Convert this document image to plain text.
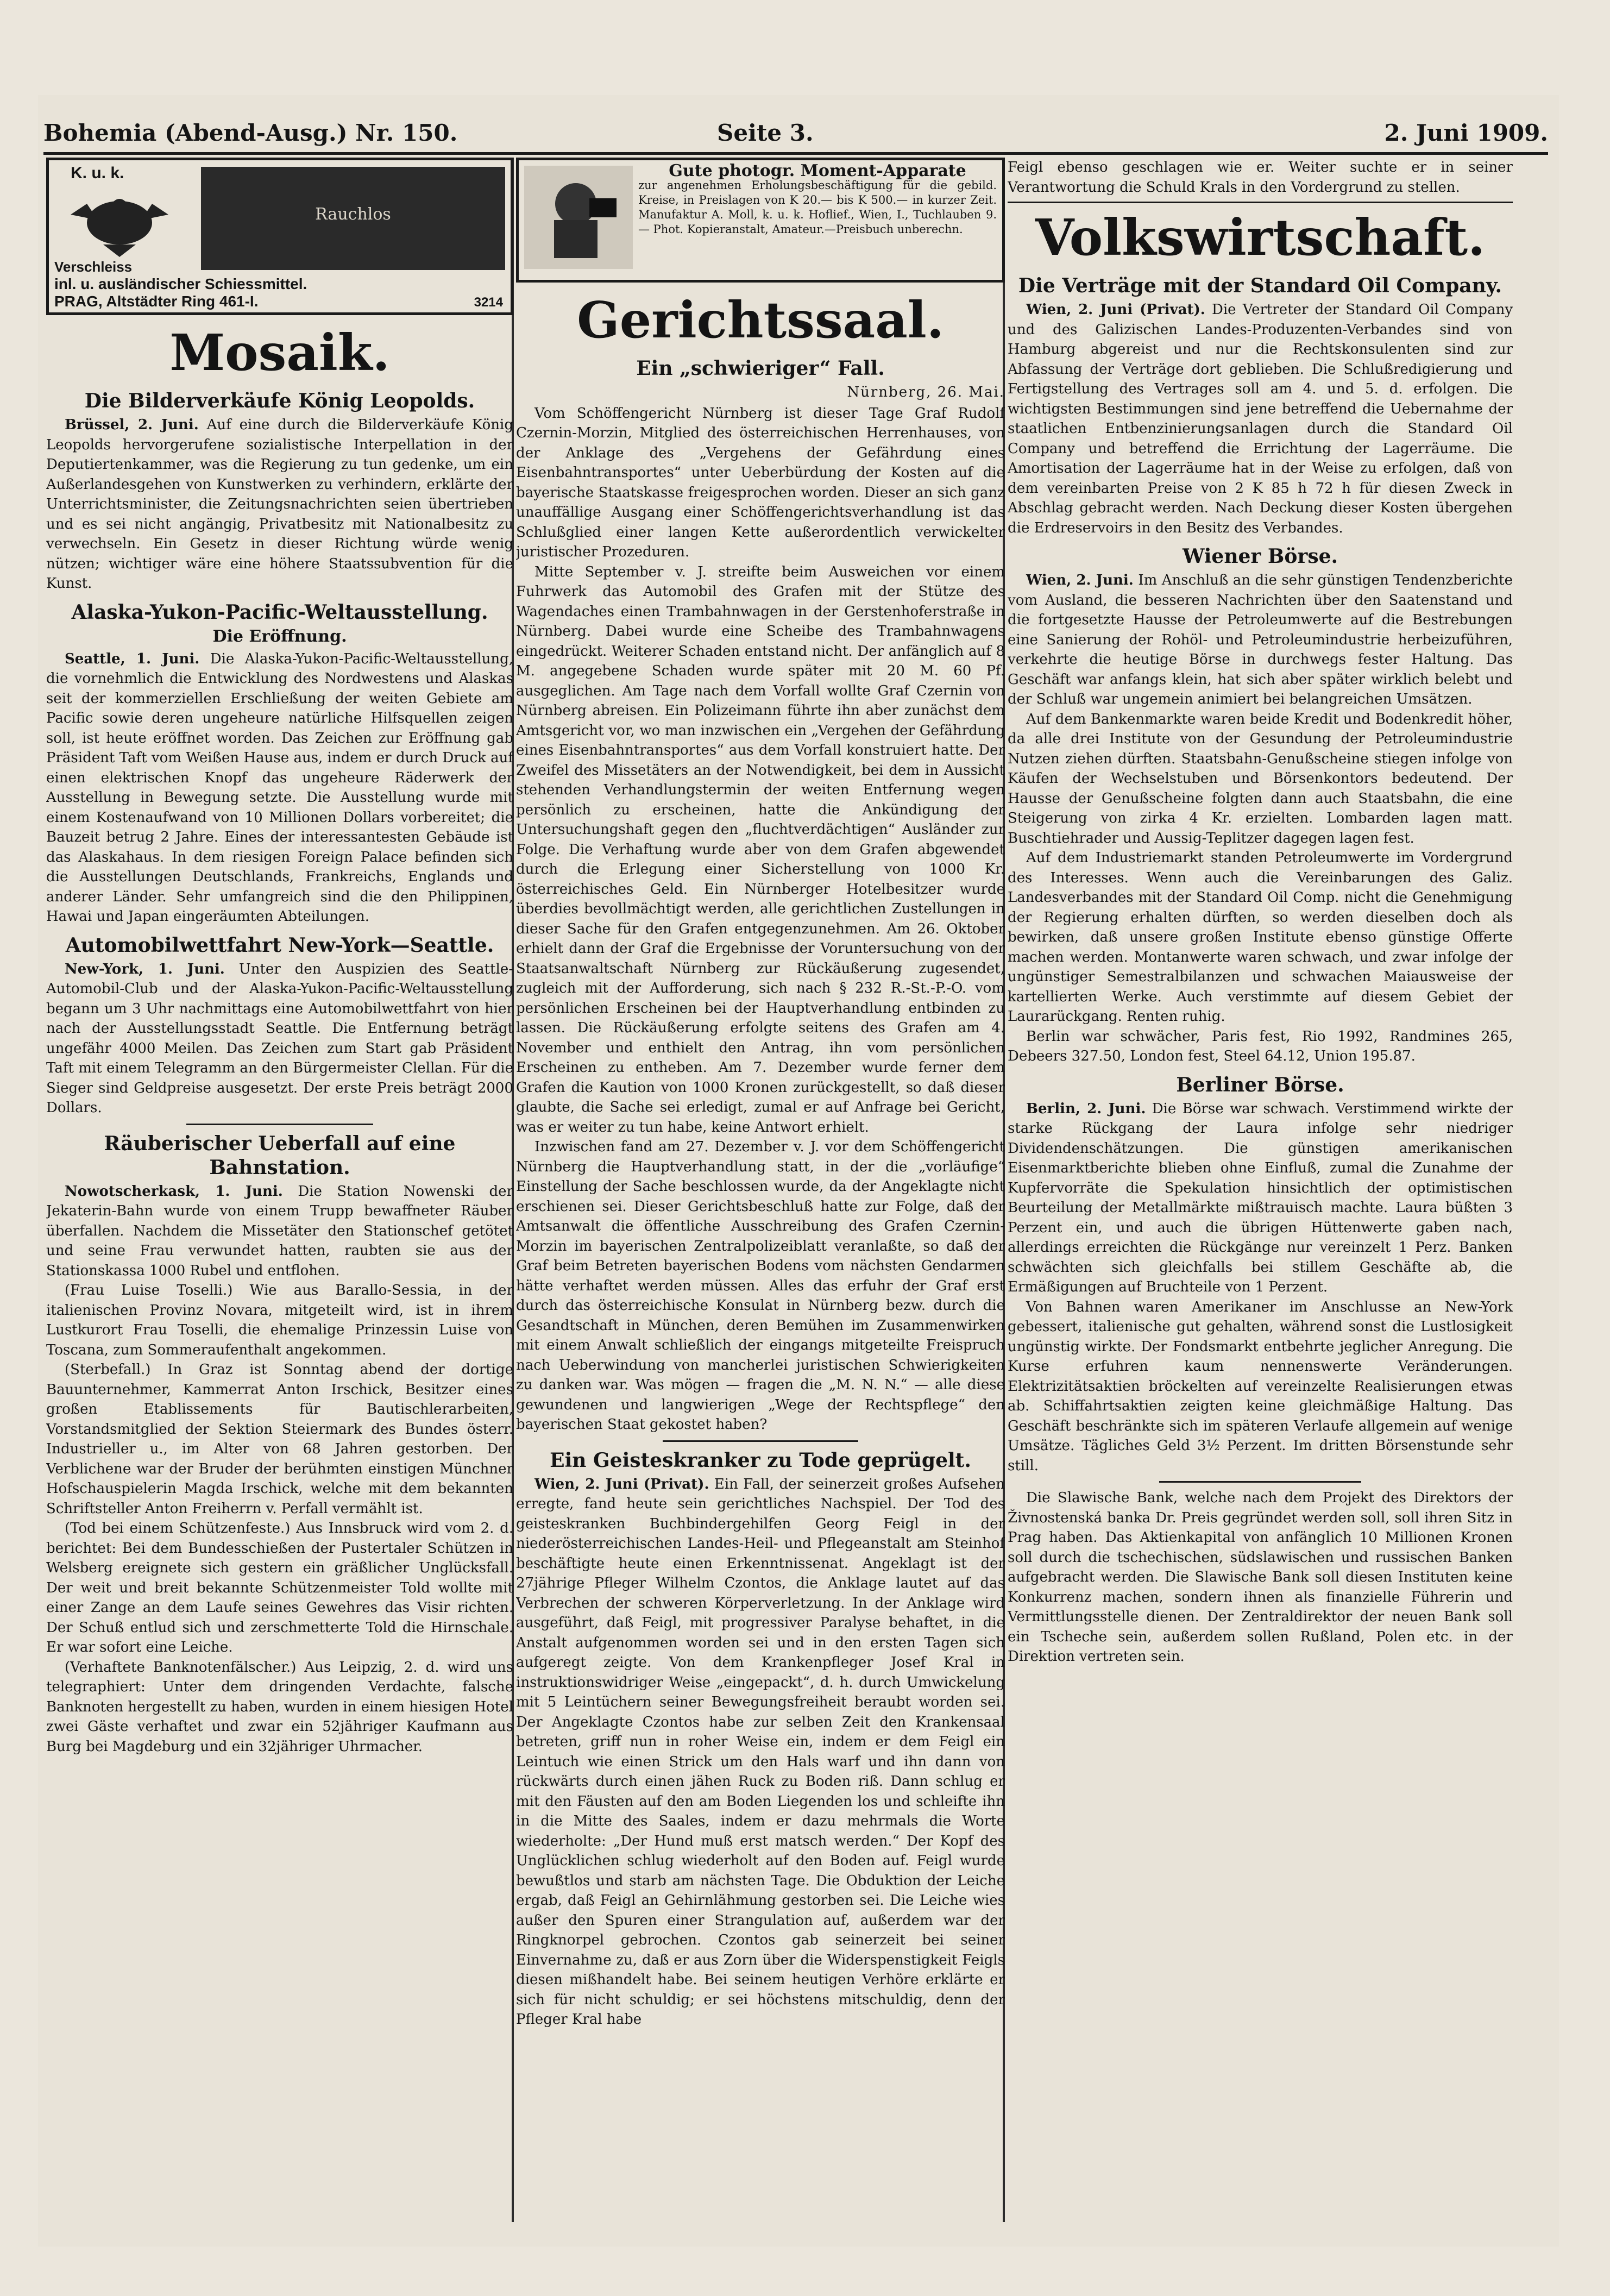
Bohemia (Abend-Ausg.) Nr. 150.	Seite 3.	2. Juni 1909.
K. u. k.
Rauchlos
Verschleiss
inl. u. ausländischer Schiessmittel.
PRAG, Altstädter Ring 461-I.	3214
Mosaik.
Die Bilderverkäufe König Leopolds.

Brüssel, 2. Juni. Auf eine durch die Bilderverkäufe König Leopolds hervorgerufene sozialistische Interpellation in der Deputiertenkammer, was die Regierung zu tun gedenke, um ein Außerlandesgehen von Kunstwerken zu verhindern, erklärte der Unterrichtsminister, die Zeitungsnachrichten seien übertrieben und es sei nicht angängig, Privatbesitz mit Nationalbesitz zu verwechseln. Ein Gesetz in dieser Richtung würde wenig nützen; wichtiger wäre eine höhere Staatssubvention für die Kunst.

Alaska-Yukon-Pacific-Weltausstellung.
Die Eröffnung.

Seattle, 1. Juni. Die Alaska-Yukon-Pacific-Weltausstellung, die vornehmlich die Entwicklung des Nordwestens und Alaskas seit der kommerziellen Erschließung der weiten Gebiete am Pacific sowie deren ungeheure natürliche Hilfsquellen zeigen soll, ist heute eröffnet worden. Das Zeichen zur Eröffnung gab Präsident Taft vom Weißen Hause aus, indem er durch Druck auf einen elektrischen Knopf das ungeheure Räderwerk der Ausstellung in Bewegung setzte. Die Ausstellung wurde mit einem Kostenaufwand von 10 Millionen Dollars vorbereitet; die Bauzeit betrug 2 Jahre. Eines der interessantesten Gebäude ist das Alaskahaus. In dem riesigen Foreign Palace befinden sich die Ausstellungen Deutschlands, Frankreichs, Englands und anderer Länder. Sehr umfangreich sind die den Philippinen, Hawai und Japan eingeräumten Abteilungen.

Automobilwettfahrt New-York—Seattle.

New-York, 1. Juni. Unter den Auspizien des Seattle-Automobil-Club und der Alaska-Yukon-Pacific-Weltausstellung begann um 3 Uhr nachmittags eine Automobilwettfahrt von hier nach der Ausstellungsstadt Seattle. Die Entfernung beträgt ungefähr 4000 Meilen. Das Zeichen zum Start gab Präsident Taft mit einem Telegramm an den Bürgermeister Clellan. Für die Sieger sind Geldpreise ausgesetzt. Der erste Preis beträgt 2000 Dollars.

Räuberischer Ueberfall auf eine Bahnstation.

Nowotscherkask, 1. Juni. Die Station Nowenski der Jekaterin-Bahn wurde von einem Trupp bewaffneter Räuber überfallen. Nachdem die Missetäter den Stationschef getötet und seine Frau verwundet hatten, raubten sie aus der Stationskassa 1000 Rubel und entflohen.

(Frau Luise Toselli.) Wie aus Barallo-Sessia, in der italienischen Provinz Novara, mitgeteilt wird, ist in ihrem Lustkurort Frau Toselli, die ehemalige Prinzessin Luise von Toscana, zum Sommeraufenthalt angekommen.

(Sterbefall.) In Graz ist Sonntag abend der dortige Bauunternehmer, Kammerrat Anton Irschick, Besitzer eines großen Etablissements für Bautischlerarbeiten, Vorstandsmitglied der Sektion Steiermark des Bundes österr. Industrieller u., im Alter von 68 Jahren gestorben. Der Verblichene war der Bruder der berühmten einstigen Münchner Hofschauspielerin Magda Irschick, welche mit dem bekannten Schriftsteller Anton Freiherrn v. Perfall vermählt ist.

(Tod bei einem Schützenfeste.) Aus Innsbruck wird vom 2. d. berichtet: Bei dem Bundesschießen der Pustertaler Schützen in Welsberg ereignete sich gestern ein gräßlicher Unglücksfall. Der weit und breit bekannte Schützenmeister Told wollte mit einer Zange an dem Laufe seines Gewehres das Visir richten. Der Schuß entlud sich und zerschmetterte Told die Hirnschale. Er war sofort eine Leiche.

(Verhaftete Banknotenfälscher.) Aus Leipzig, 2. d. wird uns telegraphiert: Unter dem dringenden Verdachte, falsche Banknoten hergestellt zu haben, wurden in einem hiesigen Hotel zwei Gäste verhaftet und zwar ein 52jähriger Kaufmann aus Burg bei Magdeburg und ein 32jähriger Uhrmacher.

Gute photogr. Moment-Apparate
zur angenehmen Erholungsbeschäftigung für die gebild. Kreise, in Preislagen von K 20.— bis K 500.— in kurzer Zeit. Manufaktur A. Moll, k. u. k. Hoflief., Wien, I., Tuchlauben 9. — Phot. Kopieranstalt, Amateur.—Preisbuch unberechn.
Gerichtssaal.
Ein „schwieriger“ Fall.
Nürnberg, 26. Mai.

Vom Schöffengericht Nürnberg ist dieser Tage Graf Rudolf Czernin-Morzin, Mitglied des österreichischen Herrenhauses, von der Anklage des „Vergehens der Gefährdung eines Eisenbahntransportes“ unter Ueberbürdung der Kosten auf die bayerische Staatskasse freigesprochen worden. Dieser an sich ganz unauffällige Ausgang einer Schöffengerichtsverhandlung ist das Schlußglied einer langen Kette außerordentlich verwickelter juristischer Prozeduren.

Mitte September v. J. streifte beim Ausweichen vor einem Fuhrwerk das Automobil des Grafen mit der Stütze des Wagendaches einen Trambahnwagen in der Gerstenhoferstraße in Nürnberg. Dabei wurde eine Scheibe des Trambahnwagens eingedrückt. Weiterer Schaden entstand nicht. Der anfänglich auf 8 M. angegebene Schaden wurde später mit 20 M. 60 Pf. ausgeglichen. Am Tage nach dem Vorfall wollte Graf Czernin von Nürnberg abreisen. Ein Polizeimann führte ihn aber zunächst dem Amtsgericht vor, wo man inzwischen ein „Vergehen der Gefährdung eines Eisenbahntransportes“ aus dem Vorfall konstruiert hatte. Der Zweifel des Missetäters an der Notwendigkeit, bei dem in Aussicht stehenden Verhandlungstermin der weiten Entfernung wegen persönlich zu erscheinen, hatte die Ankündigung der Untersuchungshaft gegen den „fluchtverdächtigen“ Ausländer zur Folge. Die Verhaftung wurde aber von dem Grafen abgewendet durch die Erlegung einer Sicherstellung von 1000 Kr. österreichisches Geld. Ein Nürnberger Hotelbesitzer wurde überdies bevollmächtigt werden, alle gerichtlichen Zustellungen in dieser Sache für den Grafen entgegenzunehmen. Am 26. Oktober erhielt dann der Graf die Ergebnisse der Voruntersuchung von der Staatsanwaltschaft Nürnberg zur Rückäußerung zugesendet, zugleich mit der Aufforderung, sich nach § 232 R.-St.-P.-O. vom persönlichen Erscheinen bei der Hauptverhandlung entbinden zu lassen. Die Rückäußerung erfolgte seitens des Grafen am 4. November und enthielt den Antrag, ihn vom persönlichen Erscheinen zu entheben. Am 7. Dezember wurde ferner dem Grafen die Kaution von 1000 Kronen zurückgestellt, so daß dieser glaubte, die Sache sei erledigt, zumal er auf Anfrage bei Gericht, was er weiter zu tun habe, keine Antwort erhielt.

Inzwischen fand am 27. Dezember v. J. vor dem Schöffengericht Nürnberg die Hauptverhandlung statt, in der die „vorläufige“ Einstellung der Sache beschlossen wurde, da der Angeklagte nicht erschienen sei. Dieser Gerichtsbeschluß hatte zur Folge, daß der Amtsanwalt die öffentliche Ausschreibung des Grafen Czernin-Morzin im bayerischen Zentralpolizeiblatt veranlaßte, so daß der Graf beim Betreten bayerischen Bodens vom nächsten Gendarmen hätte verhaftet werden müssen. Alles das erfuhr der Graf erst durch das österreichische Konsulat in Nürnberg bezw. durch die Gesandtschaft in München, deren Bemühen im Zusammenwirken mit einem Anwalt schließlich der eingangs mitgeteilte Freispruch nach Ueberwindung von mancherlei juristischen Schwierigkeiten zu danken war. Was mögen — fragen die „M. N. N.“ — alle diese gewundenen und langwierigen „Wege der Rechtspflege“ den bayerischen Staat gekostet haben?

Ein Geisteskranker zu Tode geprügelt.

Wien, 2. Juni (Privat). Ein Fall, der seinerzeit großes Aufsehen erregte, fand heute sein gerichtliches Nachspiel. Der Tod des geisteskranken Buchbindergehilfen Georg Feigl in der niederösterreichischen Landes-Heil- und Pflegeanstalt am Steinhof beschäftigte heute einen Erkenntnissenat. Angeklagt ist der 27jährige Pfleger Wilhelm Czontos, die Anklage lautet auf das Verbrechen der schweren Körperverletzung. In der Anklage wird ausgeführt, daß Feigl, mit progressiver Paralyse behaftet, in die Anstalt aufgenommen worden sei und in den ersten Tagen sich aufgeregt zeigte. Von dem Krankenpfleger Josef Kral in instruktionswidriger Weise „eingepackt“, d. h. durch Umwickelung mit 5 Leintüchern seiner Bewegungsfreiheit beraubt worden sei. Der Angeklagte Czontos habe zur selben Zeit den Krankensaal betreten, griff nun in roher Weise ein, indem er dem Feigl ein Leintuch wie einen Strick um den Hals warf und ihn dann von rückwärts durch einen jähen Ruck zu Boden riß. Dann schlug er mit den Fäusten auf den am Boden Liegenden los und schleifte ihn in die Mitte des Saales, indem er dazu mehrmals die Worte wiederholte: „Der Hund muß erst matsch werden.“ Der Kopf des Unglücklichen schlug wiederholt auf den Boden auf. Feigl wurde bewußtlos und starb am nächsten Tage. Die Obduktion der Leiche ergab, daß Feigl an Gehirnlähmung gestorben sei. Die Leiche wies außer den Spuren einer Strangulation auf, außerdem war der Ringknorpel gebrochen. Czontos gab seinerzeit bei seiner Einvernahme zu, daß er aus Zorn über die Widerspenstigkeit Feigls diesen mißhandelt habe. Bei seinem heutigen Verhöre erklärte er sich für nicht schuldig; er sei höchstens mitschuldig, denn der Pfleger Kral habe

Feigl ebenso geschlagen wie er. Weiter suchte er in seiner Verantwortung die Schuld Krals in den Vordergrund zu stellen.

Volkswirtschaft.
Die Verträge mit der Standard Oil Company.

Wien, 2. Juni (Privat). Die Vertreter der Standard Oil Company und des Galizischen Landes-Produzenten-Verbandes sind von Hamburg abgereist und nur die Rechtskonsulenten sind zur Abfassung der Verträge dort geblieben. Die Schlußredigierung und Fertigstellung des Vertrages soll am 4. und 5. d. erfolgen. Die wichtigsten Bestimmungen sind jene betreffend die Uebernahme der staatlichen Entbenzinierungsanlagen durch die Standard Oil Company und betreffend die Errichtung der Lagerräume. Die Amortisation der Lagerräume hat in der Weise zu erfolgen, daß von dem vereinbarten Preise von 2 K 85 h 72 h für diesen Zweck in Abschlag gebracht werden. Nach Deckung dieser Kosten übergehen die Erdreservoirs in den Besitz des Verbandes.

Wiener Börse.

Wien, 2. Juni. Im Anschluß an die sehr günstigen Tendenzberichte vom Ausland, die besseren Nachrichten über den Saatenstand und die fortgesetzte Hausse der Petroleumwerte auf die Bestrebungen eine Sanierung der Rohöl- und Petroleumindustrie herbeizuführen, verkehrte die heutige Börse in durchwegs fester Haltung. Das Geschäft war anfangs klein, hat sich aber später wirklich belebt und der Schluß war ungemein animiert bei belangreichen Umsätzen.

Auf dem Bankenmarkte waren beide Kredit und Bodenkredit höher, da alle drei Institute von der Gesundung der Petroleumindustrie Nutzen ziehen dürften. Staatsbahn-Genußscheine stiegen infolge von Käufen der Wechselstuben und Börsenkontors bedeutend. Der Hausse der Genußscheine folgten dann auch Staatsbahn, die eine Steigerung von zirka 4 Kr. erzielten. Lombarden lagen matt. Buschtiehrader und Aussig-Teplitzer dagegen lagen fest.

Auf dem Industriemarkt standen Petroleumwerte im Vordergrund des Interesses. Wenn auch die Vereinbarungen des Galiz. Landesverbandes mit der Standard Oil Comp. nicht die Genehmigung der Regierung erhalten dürften, so werden dieselben doch als bewirken, daß unsere großen Institute ebenso günstige Offerte machen werden. Montanwerte waren schwach, und zwar infolge der ungünstiger Semestralbilanzen und schwachen Maiausweise der kartellierten Werke. Auch verstimmte auf diesem Gebiet der Laurarückgang. Renten ruhig.

Berlin war schwächer, Paris fest, Rio 1992, Randmines 265, Debeers 327.50, London fest, Steel 64.12, Union 195.87.

Berliner Börse.

Berlin, 2. Juni. Die Börse war schwach. Verstimmend wirkte der starke Rückgang der Laura infolge sehr niedriger Dividendenschätzungen. Die günstigen amerikanischen Eisenmarktberichte blieben ohne Einfluß, zumal die Zunahme der Kupfervorräte die Spekulation hinsichtlich der optimistischen Beurteilung der Metallmärkte mißtrauisch machte. Laura büßten 3 Perzent ein, und auch die übrigen Hüttenwerte gaben nach, allerdings erreichten die Rückgänge nur vereinzelt 1 Perz. Banken schwächten sich gleichfalls bei stillem Geschäfte ab, die Ermäßigungen auf Bruchteile von 1 Perzent.

Von Bahnen waren Amerikaner im Anschlusse an New-York gebessert, italienische gut gehalten, während sonst die Lustlosigkeit ungünstig wirkte. Der Fondsmarkt entbehrte jeglicher Anregung. Die Kurse erfuhren kaum nennenswerte Veränderungen. Elektrizitätsaktien bröckelten auf vereinzelte Realisierungen etwas ab. Schiffahrtsaktien zeigten keine gleichmäßige Haltung. Das Geschäft beschränkte sich im späteren Verlaufe allgemein auf wenige Umsätze. Tägliches Geld 3½ Perzent. Im dritten Börsenstunde sehr still.

Die Slawische Bank, welche nach dem Projekt des Direktors der Živnostenská banka Dr. Preis gegründet werden soll, soll ihren Sitz in Prag haben. Das Aktienkapital von anfänglich 10 Millionen Kronen soll durch die tschechischen, südslawischen und russischen Banken aufgebracht werden. Die Slawische Bank soll diesen Instituten keine Konkurrenz machen, sondern ihnen als finanzielle Führerin und Vermittlungsstelle dienen. Der Zentraldirektor der neuen Bank soll ein Tscheche sein, außerdem sollen Rußland, Polen etc. in der Direktion vertreten sein.
